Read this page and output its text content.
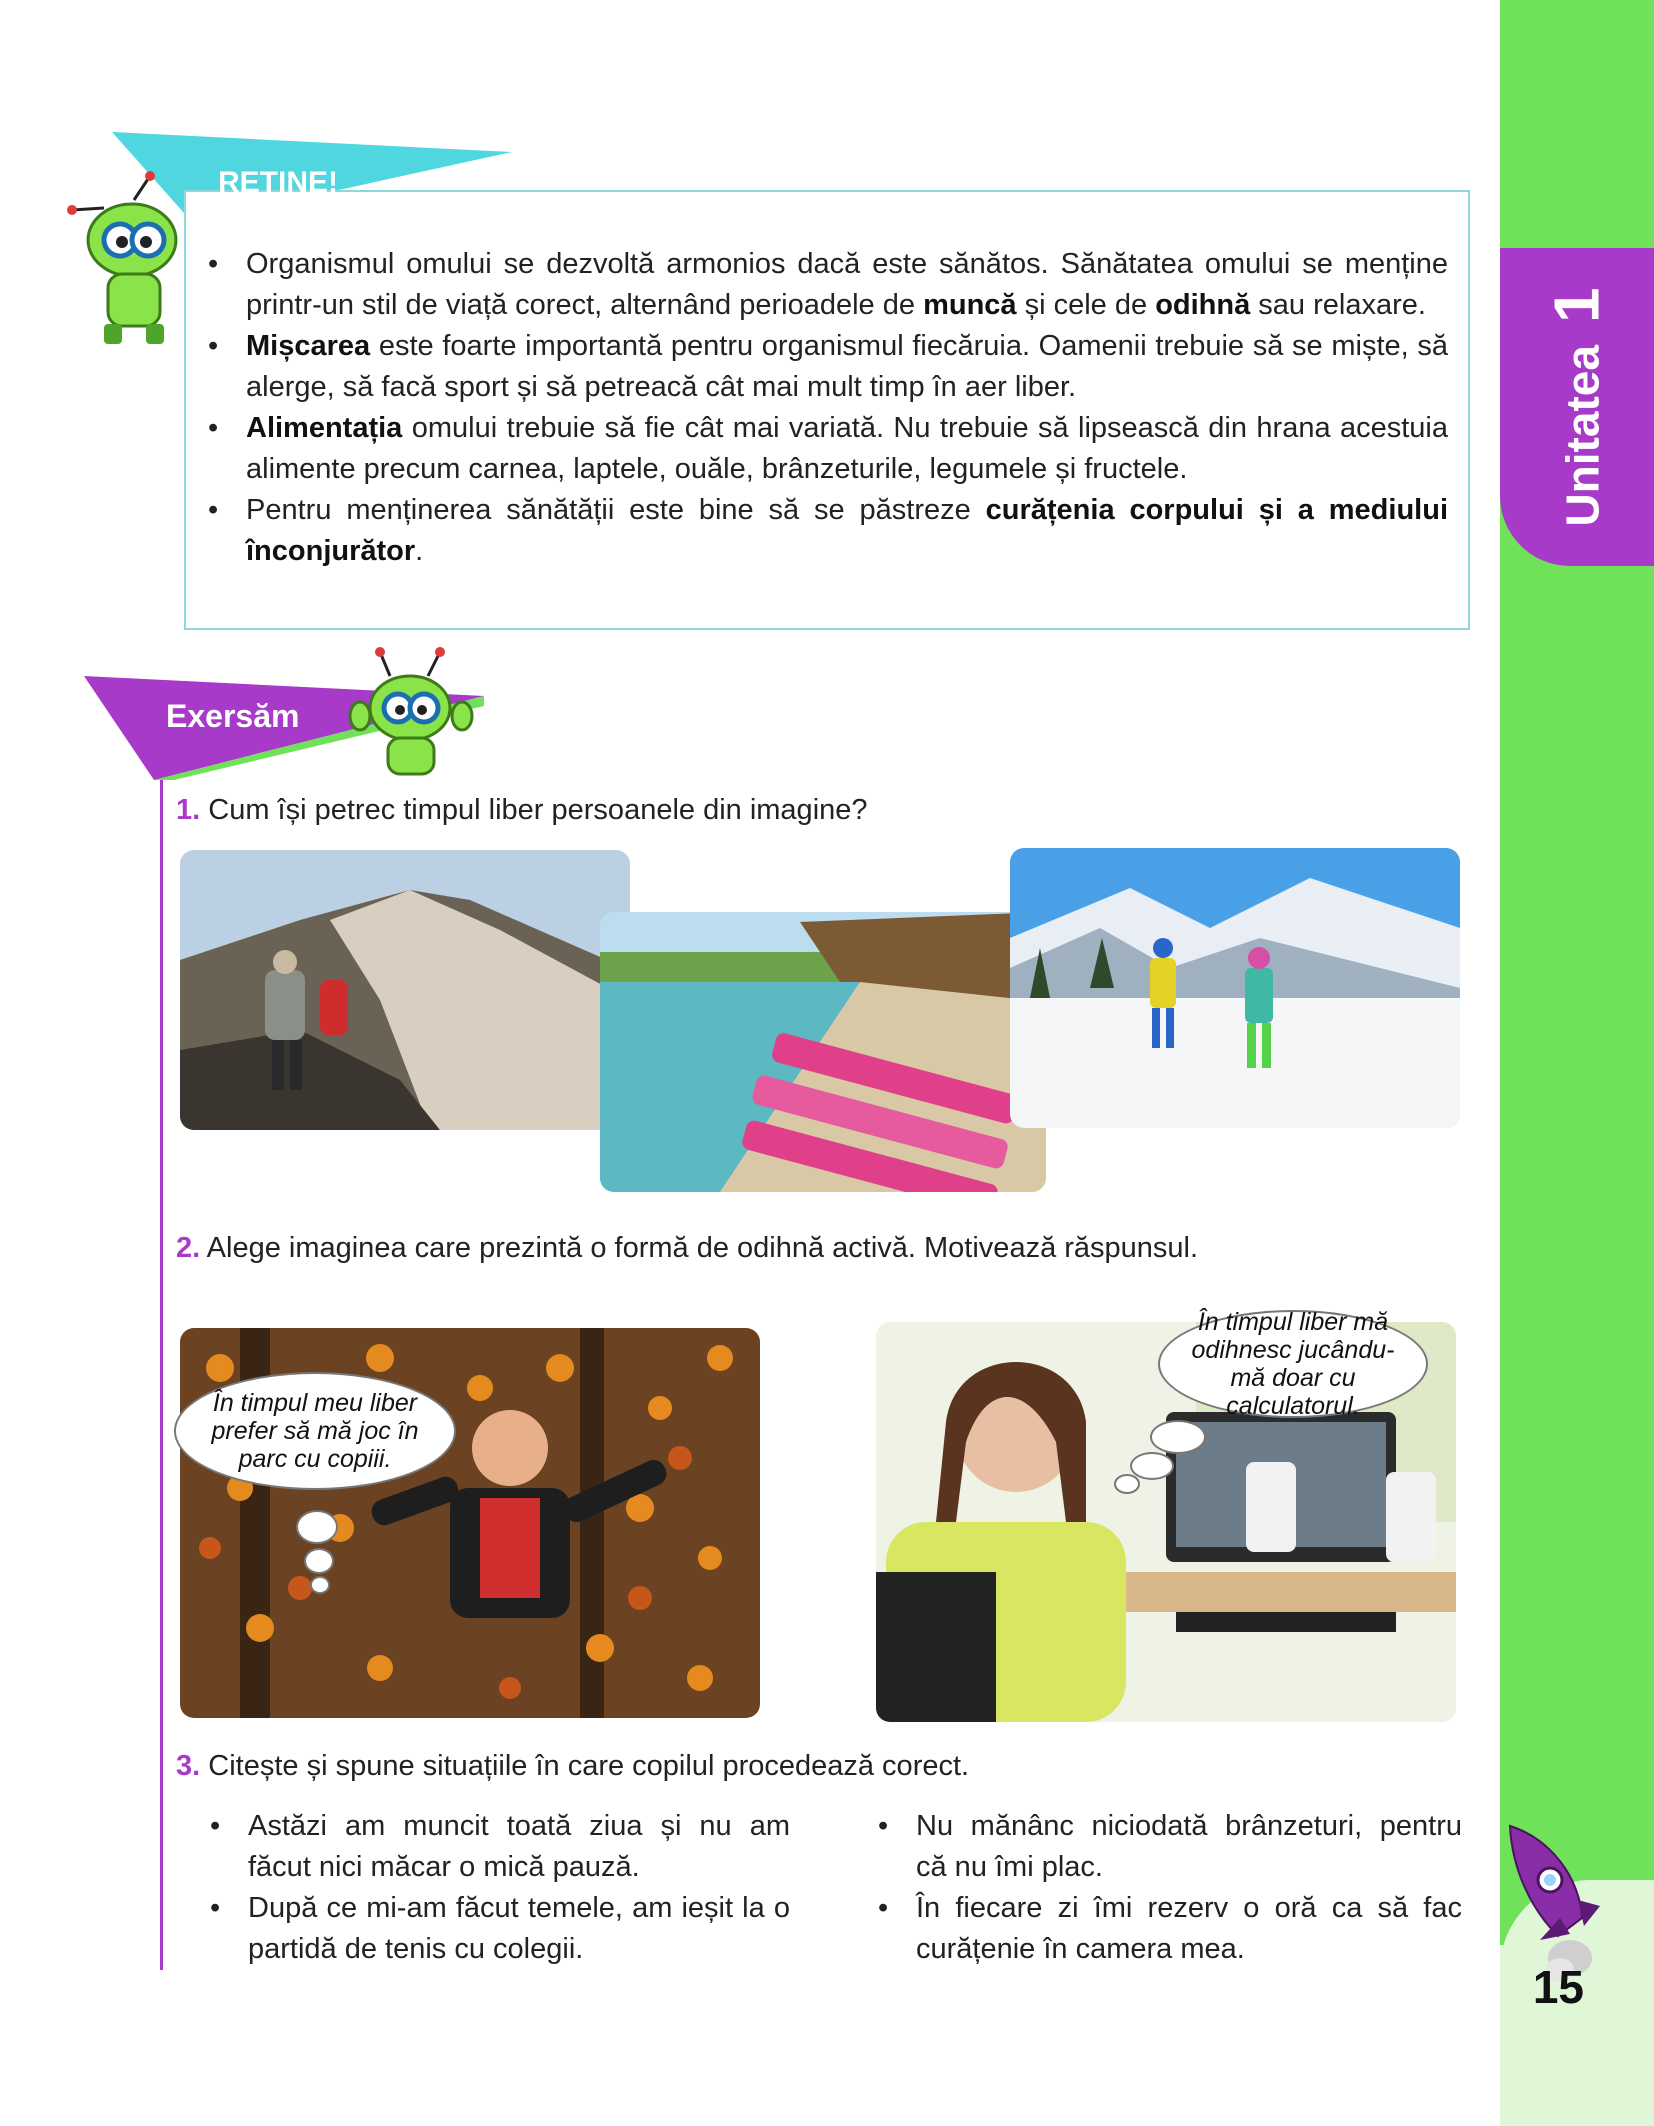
Unitatea
1
15
REȚINE!
• Organismul omului se dezvoltă armonios dacă este sănătos. Sănătatea omului se menține printr-un stil de viață corect, alternând perioadele de muncă și cele de odihnă sau relaxare.
• Mișcarea este foarte importantă pentru organismul fiecăruia. Oamenii trebuie să se miște, să alerge, să facă sport și să petreacă cât mai mult timp în aer liber.
• Alimentația omului trebuie să fie cât mai variată. Nu trebuie să lipsească din hrana acestuia alimente precum carnea, laptele, ouăle, brânzeturile, legumele și fructele.
• Pentru menținerea sănătății este bine să se păstreze curățenia corpului și a mediului înconjurător.
Exersăm
1. Cum își petrec timpul liber persoanele din imagine?
2. Alege imaginea care prezintă o formă de odihnă activă. Motivează răspunsul.
În timpul meu liber prefer să mă joc în parc cu copiii.
În timpul liber mă odihnesc jucându-mă doar cu calculatorul.
3. Citește și spune situațiile în care copilul procedează corect.
• Astăzi am muncit toată ziua și nu am făcut nici măcar o mică pauză.
• După ce mi-am făcut temele, am ieșit la o partidă de tenis cu colegii.
• Nu mănânc niciodată brânzeturi, pentru că nu îmi plac.
• În fiecare zi îmi rezerv o oră ca să fac curățenie în camera mea.
